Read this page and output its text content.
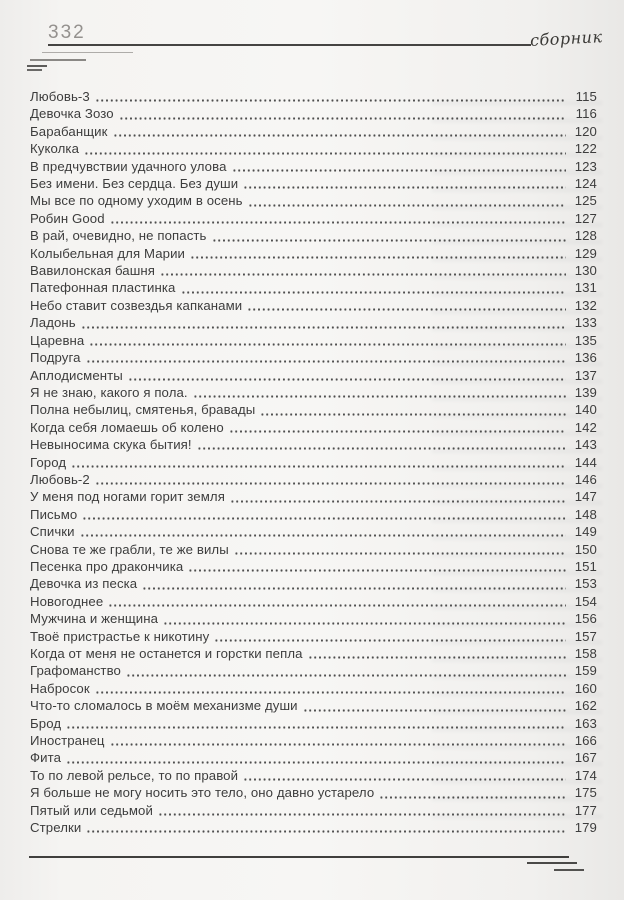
332	сборник
Любовь-3	115
Девочка Зозо	116
Барабанщик	120
Куколка	122
В предчувствии удачного улова	123
Без имени. Без сердца. Без души	124
Мы все по одному уходим в осень	125
Робин Good	127
В рай, очевидно, не попасть	128
Колыбельная для Марии	129
Вавилонская башня	130
Патефонная пластинка	131
Небо ставит созвездья капканами	132
Ладонь	133
Царевна	135
Подруга	136
Аплодисменты	137
Я не знаю, какого я пола.	139
Полна небылиц, смятенья, бравады	140
Когда себя ломаешь об колено	142
Невыносима скука бытия!	143
Город	144
Любовь-2	146
У меня под ногами горит земля	147
Письмо	148
Спички	149
Снова те же грабли, те же вилы	150
Песенка про дракончика	151
Девочка из песка	153
Новогоднее	154
Мужчина и женщина	156
Твоё пристрастье к никотину	157
Когда от меня не останется и горстки пепла	158
Графоманство	159
Набросок	160
Что-то сломалось в моём механизме души	162
Брод	163
Иностранец	166
Фита	167
То по левой рельсе, то по правой	174
Я больше не могу носить это тело, оно давно устарело	175
Пятый или седьмой	177
Стрелки	179
